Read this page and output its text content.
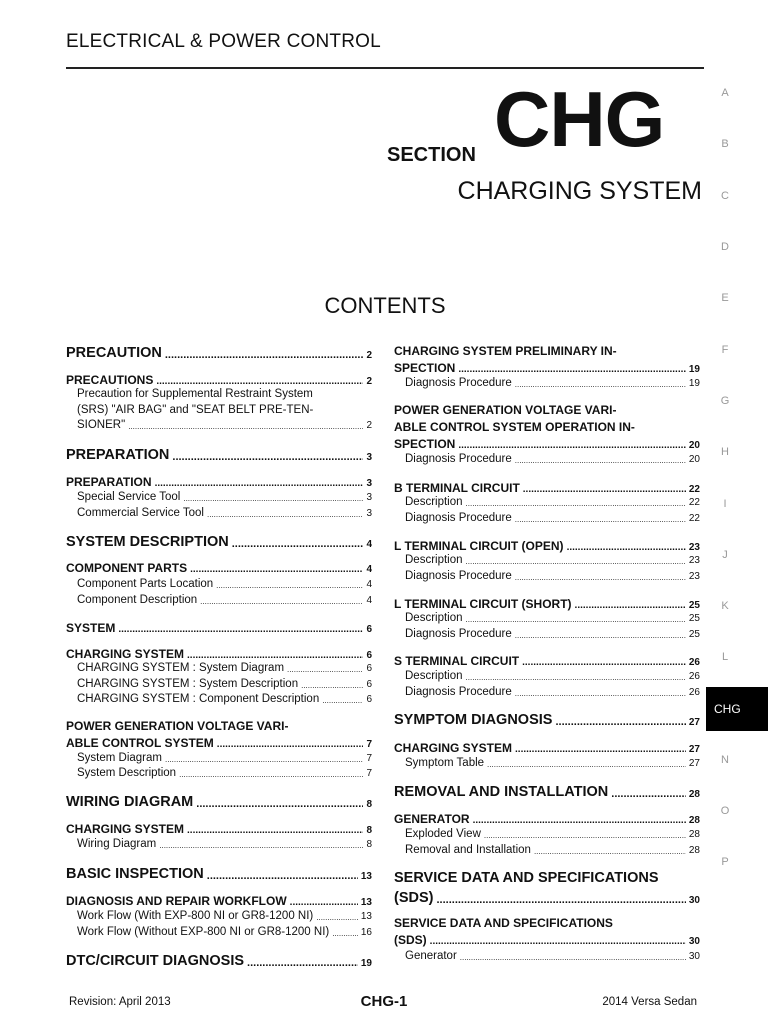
ELECTRICAL & POWER CONTROL
SECTION CHG
CHARGING SYSTEM
CONTENTS
PRECAUTION .....	2
PRECAUTIONS .....	2
Precaution for Supplemental Restraint System
(SRS) "AIR BAG" and "SEAT BELT PRE-TEN-
SIONER" .....	2
PREPARATION .....	3
PREPARATION .....	3
Special Service Tool .....	3
Commercial Service Tool .....	3
SYSTEM DESCRIPTION .....	4
COMPONENT PARTS .....	4
Component Parts Location .....	4
Component Description .....	4
SYSTEM .....	6
CHARGING SYSTEM .....	6
CHARGING SYSTEM : System Diagram .....	6
CHARGING SYSTEM : System Description .....	6
CHARGING SYSTEM : Component Description .....	6
POWER GENERATION VOLTAGE VARI-
ABLE CONTROL SYSTEM .....	7
System Diagram .....	7
System Description .....	7
WIRING DIAGRAM .....	8
CHARGING SYSTEM .....	8
Wiring Diagram .....	8
BASIC INSPECTION .....	13
DIAGNOSIS AND REPAIR WORKFLOW .....	13
Work Flow (With EXP-800 NI or GR8-1200 NI) .....	13
Work Flow (Without EXP-800 NI or GR8-1200 NI) .....	16
DTC/CIRCUIT DIAGNOSIS .....	19
CHARGING SYSTEM PRELIMINARY IN-
SPECTION .....	19
Diagnosis Procedure .....	19
POWER GENERATION VOLTAGE VARI-
ABLE CONTROL SYSTEM OPERATION IN-
SPECTION .....	20
Diagnosis Procedure .....	20
B TERMINAL CIRCUIT .....	22
Description .....	22
Diagnosis Procedure .....	22
L TERMINAL CIRCUIT (OPEN) .....	23
Description .....	23
Diagnosis Procedure .....	23
L TERMINAL CIRCUIT (SHORT) .....	25
Description .....	25
Diagnosis Procedure .....	25
S TERMINAL CIRCUIT .....	26
Description .....	26
Diagnosis Procedure .....	26
SYMPTOM DIAGNOSIS .....	27
CHARGING SYSTEM .....	27
Symptom Table .....	27
REMOVAL AND INSTALLATION .....	28
GENERATOR .....	28
Exploded View .....	28
Removal and Installation .....	28
SERVICE DATA AND SPECIFICATIONS
(SDS) .....	30
SERVICE DATA AND SPECIFICATIONS
(SDS) .....	30
Generator .....	30
A
B
C
D
E
F
G
H
I
J
K
L
CHG
N
O
P
Revision: April 2013	CHG-1	2014 Versa Sedan
